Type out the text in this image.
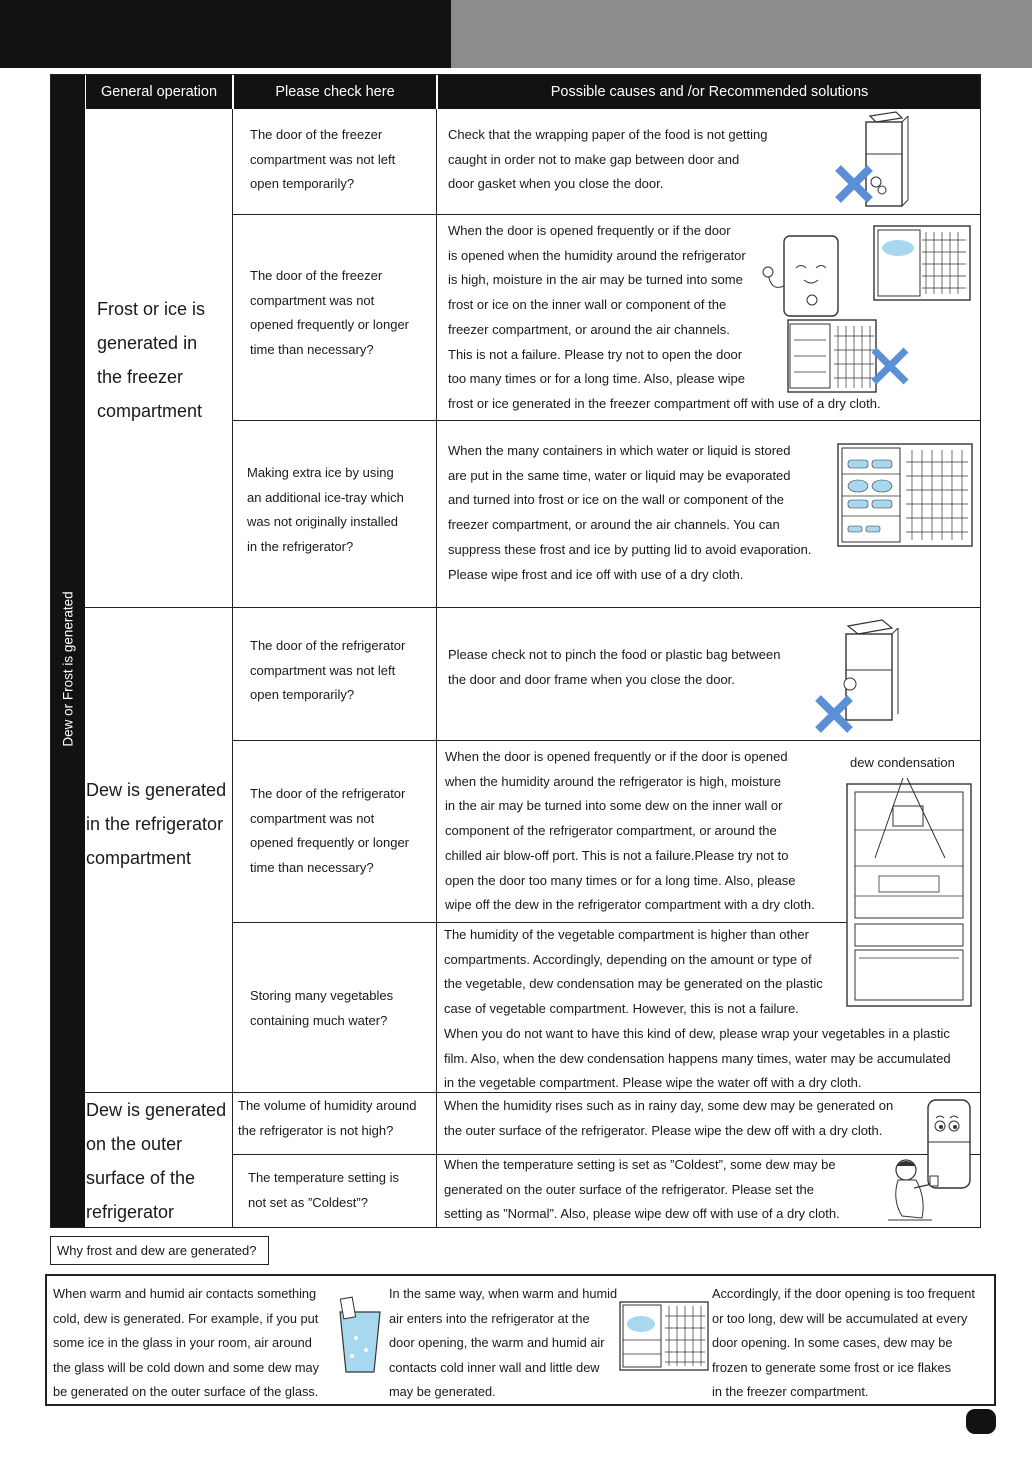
General operation	Please check here	Possible causes and /or Recommended solutions
Dew or Frost is generated
Frost or ice is
generated in
the freezer
compartment
Dew is generated
in the refrigerator
compartment
Dew is generated
on the outer
surface of the
refrigerator
The door of the freezer
compartment was not left
open temporarily?
The door of the freezer
compartment was not
opened frequently or longer
time than necessary?
Making extra ice by using
an additional ice-tray which
was not originally installed
in the refrigerator?
The door of the refrigerator
compartment was not left
open temporarily?
The door of the refrigerator
compartment was not
opened frequently or longer
time than necessary?
Storing many vegetables
containing much water?
The volume of humidity around
the refrigerator is not high?
The temperature setting is
not set as ”Coldest”?
Check that the wrapping paper of the food is not getting
caught in order not to make gap between door and
door gasket when you close the door.
When the door is opened frequently or if the door
is opened when the humidity around the refrigerator
is high, moisture in the air may be turned into some
frost or ice on the inner wall or component of the
freezer compartment, or around the air channels.
This is not a failure. Please try not to open the door
too many times or for a long time. Also, please wipe
frost or ice generated in the freezer compartment off with use of a dry cloth.
When the many containers in which water or liquid is stored
are put in the same time, water or liquid may be evaporated
and turned into frost or ice on the wall or component of the
freezer compartment, or around the air channels. You can
suppress these frost and ice by putting lid to avoid evaporation.
Please wipe frost and ice off with use of a dry cloth.
Please check not to pinch the food or plastic bag between
the door and door frame when you close the door.
When the door is opened frequently or if the door is opened
when the humidity around the refrigerator is high, moisture
in the air may be turned into some dew on the inner wall or
component of the refrigerator compartment, or around the
chilled air blow-off port. This is not a failure.Please try not to
open the door too many times or for a long time. Also, please
wipe off the dew in the refrigerator compartment with a dry cloth.
The humidity of the vegetable compartment is higher than other
compartments. Accordingly, depending on the amount or type of
the vegetable, dew condensation may be generated on the plastic
case of vegetable compartment. However, this is not a failure.
When you do not want to have this kind of dew, please wrap your vegetables in a plastic
film. Also, when the dew condensation happens many times, water may be accumulated
in the vegetable compartment. Please wipe the water off with a dry cloth.
dew condensation
When the humidity rises such as in rainy day, some dew may be generated on
the outer surface of the refrigerator. Please wipe the dew off with a dry cloth.
When the temperature setting is set as ”Coldest”, some dew may be
generated on the outer surface of the refrigerator. Please set the
setting as ”Normal”. Also, please wipe dew off with use of a dry cloth.
Why frost and dew are generated?
When warm and humid air contacts something
cold, dew is generated. For example, if you put
some ice in the glass in your room, air around
the glass will be cold down and some dew may
be generated on the outer surface of the glass.
In the same way, when warm and humid
air enters into the refrigerator at the
door opening, the warm and humid air
contacts cold inner wall and little dew
may be generated.
Accordingly, if the door opening is too frequent
or too long, dew will be accumulated at every
door opening. In some cases, dew may be
frozen to generate some frost or ice flakes
in the freezer compartment.
